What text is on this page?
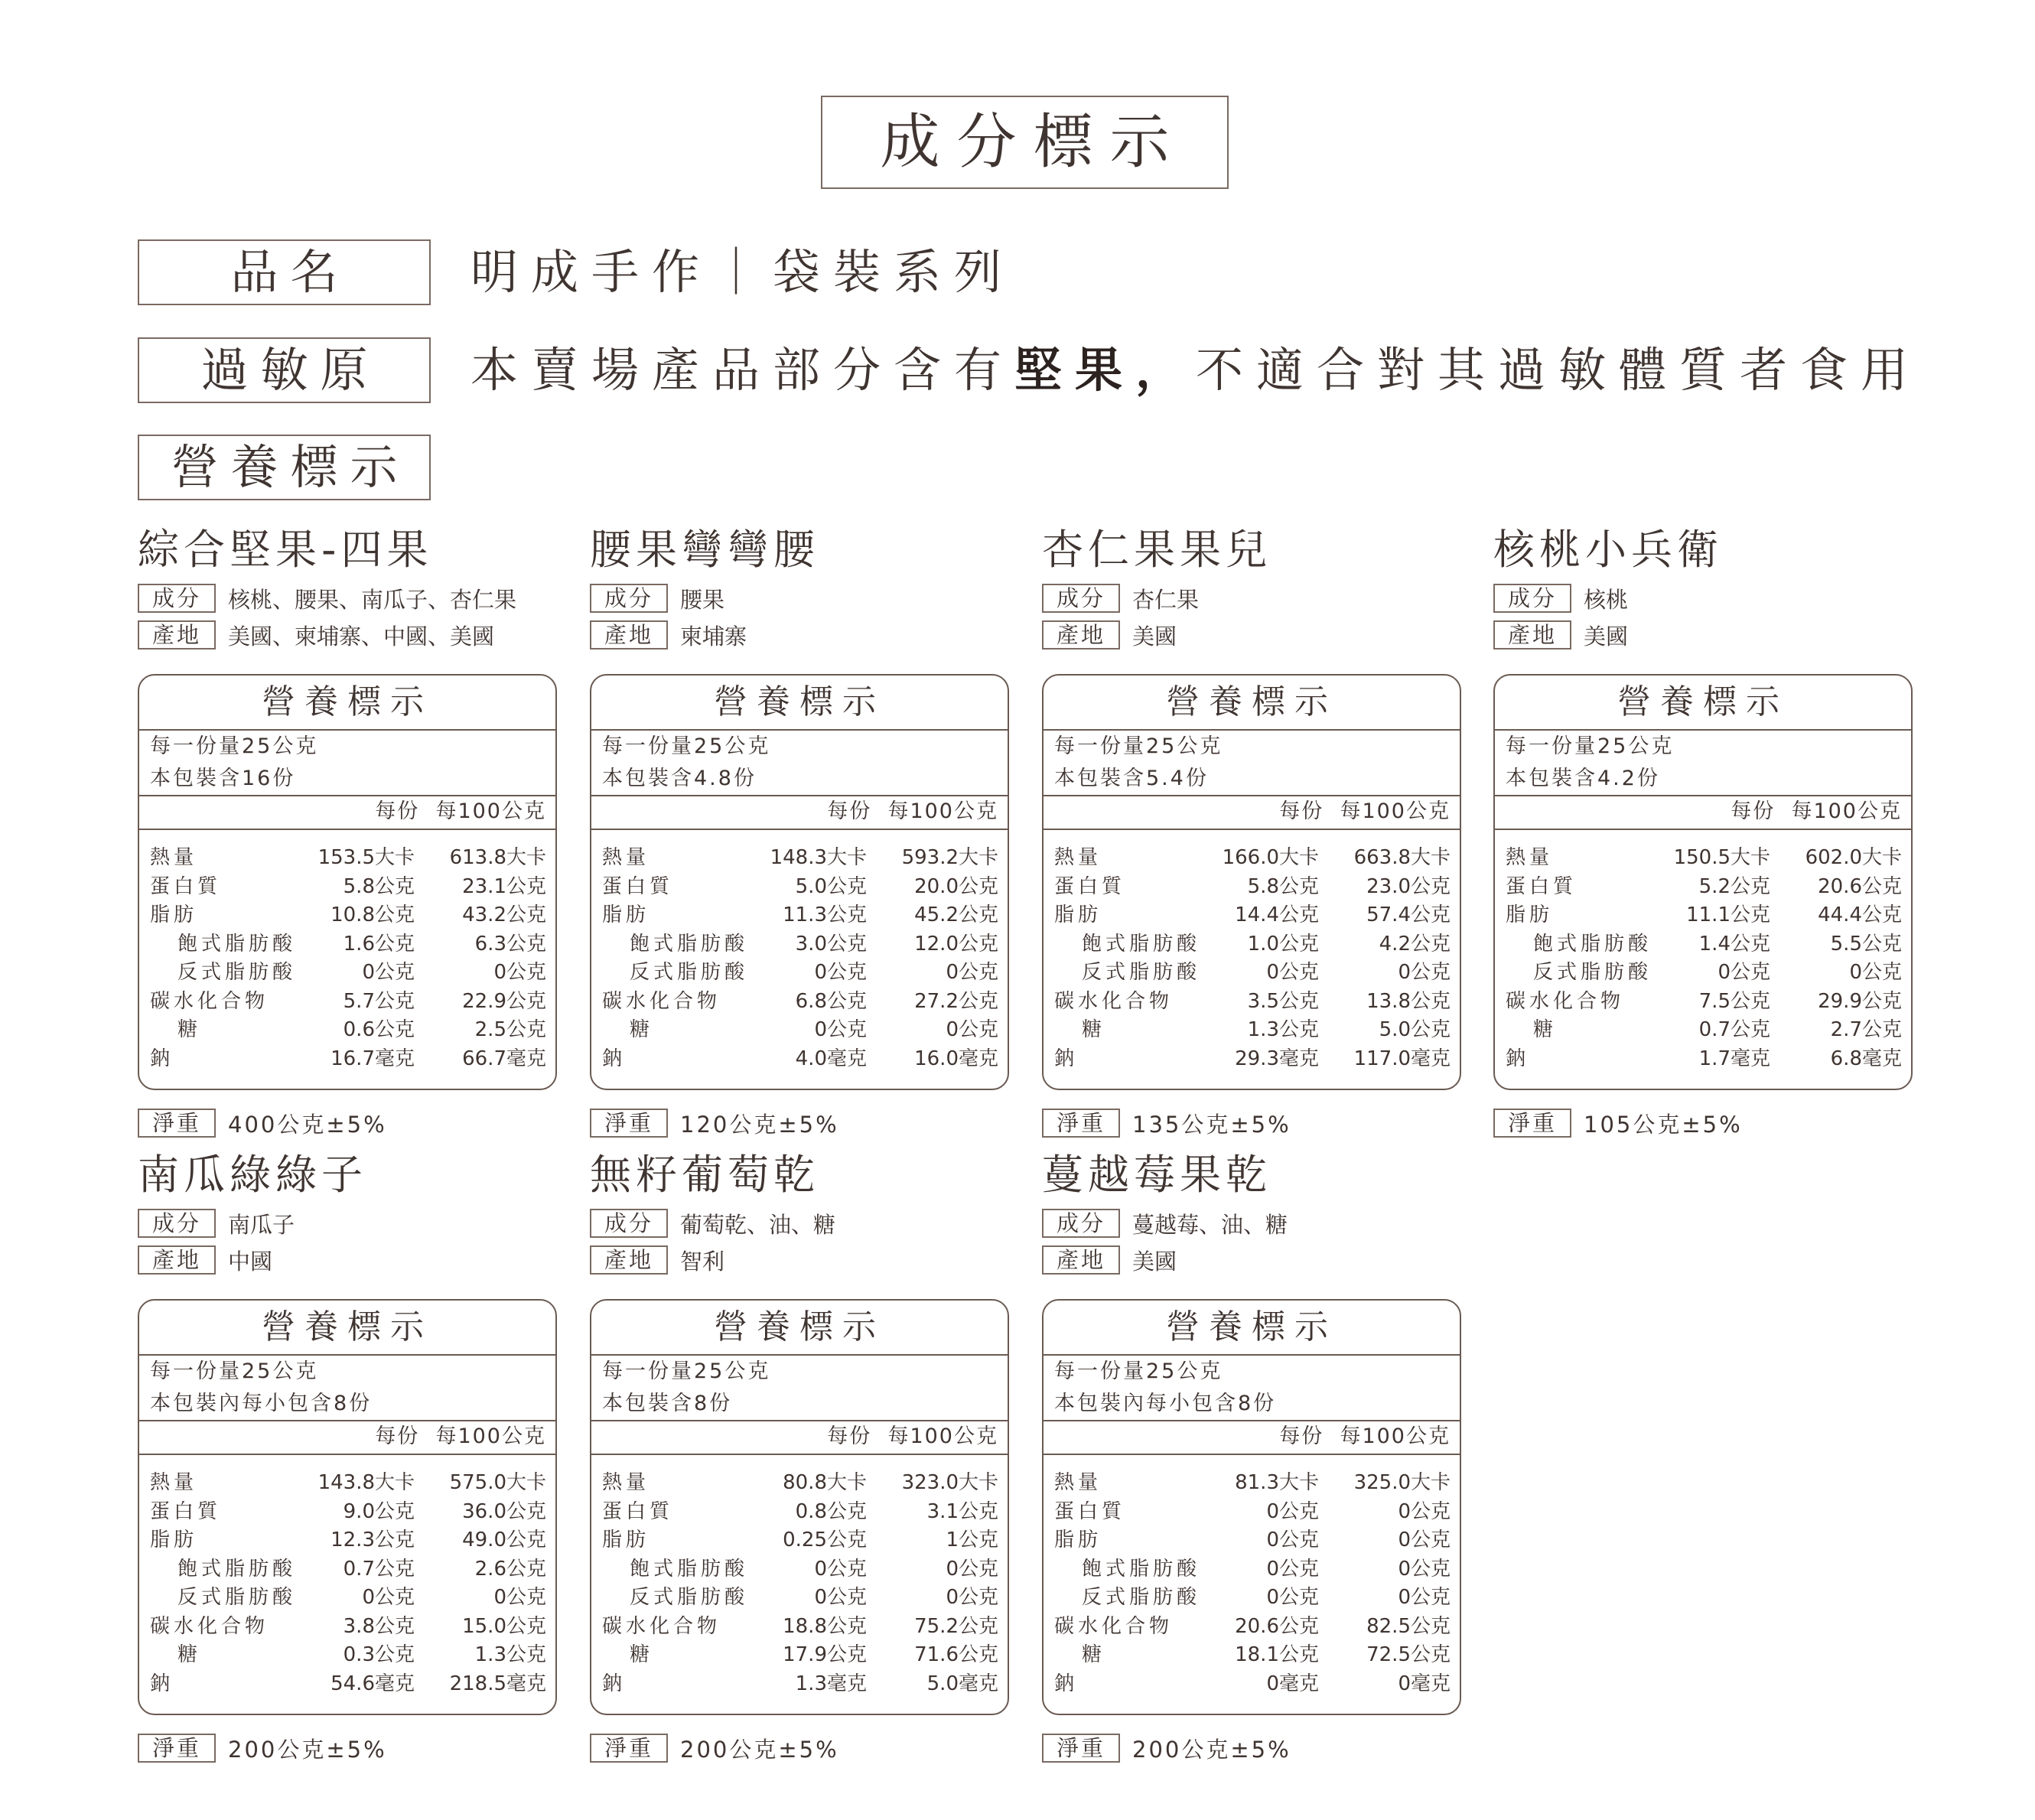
成分標示
品名	明成手作｜袋裝系列
過敏原	本賣場產品部分含有堅果，不適合對其過敏體質者食用
營養標示
綜合堅果-四果
成分	核桃、腰果、南瓜子、杏仁果
產地	美國、柬埔寨、中國、美國
營養標示
每一份量25公克
本包裝含16份
每份 每100公克
熱量	153.5大卡 613.8大卡
蛋白質	5.8公克 23.1公克
脂肪	10.8公克 43.2公克
飽式脂肪酸 1.6公克	6.3公克
反式脂肪酸	0公克	0公克
碳水化合物	5.7公克 22.9公克
糖	0.6公克	2.5公克
鈉	16.7毫克 66.7毫克
淨重	400公克±5%
腰果彎彎腰
成分	腰果
產地	柬埔寨
營養標示
每一份量25公克
本包裝含4.8份
每份 每100公克
熱量	148.3大卡 593.2大卡
蛋白質	5.0公克 20.0公克
脂肪	11.3公克 45.2公克
飽式脂肪酸 3.0公克 12.0公克
反式脂肪酸	0公克	0公克
碳水化合物	6.8公克 27.2公克
糖	0公克	0公克
鈉	4.0毫克 16.0毫克
淨重	120公克±5%
杏仁果果兒
成分	杏仁果
產地	美國
營養標示
每一份量25公克
本包裝含5.4份
每份 每100公克
熱量	166.0大卡 663.8大卡
蛋白質	5.8公克 23.0公克
脂肪	14.4公克 57.4公克
飽式脂肪酸 1.0公克	4.2公克
反式脂肪酸	0公克	0公克
碳水化合物	3.5公克 13.8公克
糖	1.3公克	5.0公克
鈉	29.3毫克 117.0毫克
淨重	135公克±5%
核桃小兵衛
成分	核桃
產地	美國
營養標示
每一份量25公克
本包裝含4.2份
每份 每100公克
熱量	150.5大卡 602.0大卡
蛋白質	5.2公克 20.6公克
脂肪	11.1公克 44.4公克
飽式脂肪酸 1.4公克	5.5公克
反式脂肪酸	0公克	0公克
碳水化合物	7.5公克 29.9公克
糖	0.7公克	2.7公克
鈉	1.7毫克	6.8毫克
淨重	105公克±5%
南瓜綠綠子
成分	南瓜子
產地	中國
營養標示
每一份量25公克
本包裝內每小包含8份
每份 每100公克
熱量	143.8大卡 575.0大卡
蛋白質	9.0公克 36.0公克
脂肪	12.3公克 49.0公克
飽式脂肪酸 0.7公克	2.6公克
反式脂肪酸	0公克	0公克
碳水化合物	3.8公克 15.0公克
糖	0.3公克	1.3公克
鈉	54.6毫克 218.5毫克
淨重	200公克±5%
無籽葡萄乾
成分	葡萄乾、油、糖
產地	智利
營養標示
每一份量25公克
本包裝含8份
每份 每100公克
熱量	80.8大卡 323.0大卡
蛋白質	0.8公克	3.1公克
脂肪	0.25公克	1公克
飽式脂肪酸	0公克	0公克
反式脂肪酸	0公克	0公克
碳水化合物	18.8公克 75.2公克
糖	17.9公克 71.6公克
鈉	1.3毫克	5.0毫克
淨重	200公克±5%
蔓越莓果乾
成分	蔓越莓、油、糖
產地	美國
營養標示
每一份量25公克
本包裝內每小包含8份
每份 每100公克
熱量	81.3大卡 325.0大卡
蛋白質	0公克	0公克
脂肪	0公克	0公克
飽式脂肪酸	0公克	0公克
反式脂肪酸	0公克	0公克
碳水化合物	20.6公克 82.5公克
糖	18.1公克 72.5公克
鈉	0毫克	0毫克
淨重	200公克±5%
